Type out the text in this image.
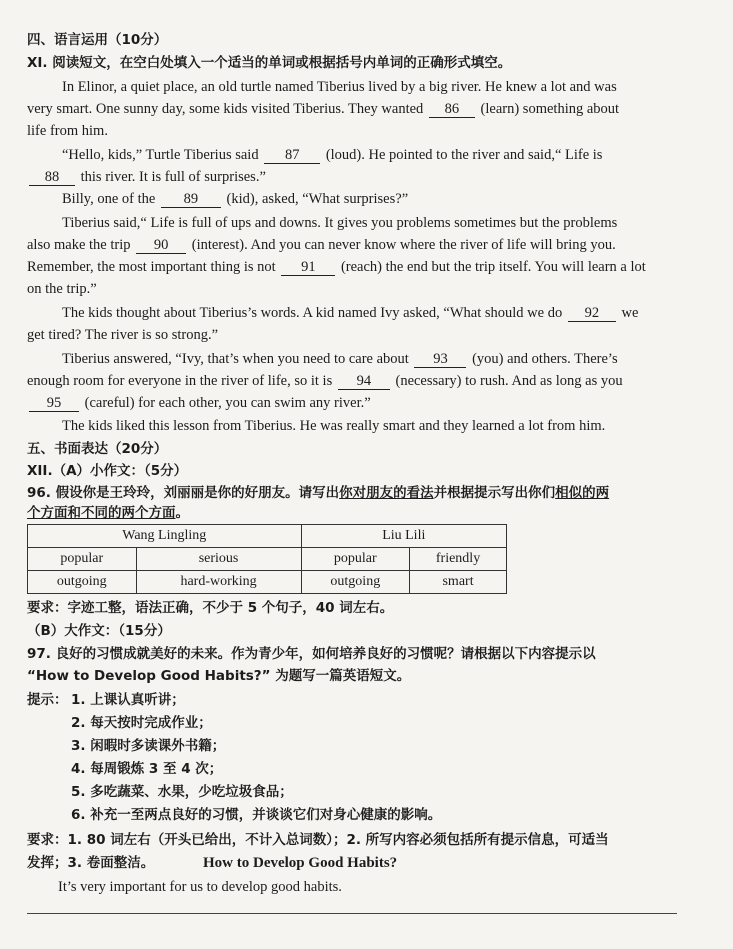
四、语言运用（10分）
XI. 阅读短文，在空白处填入一个适当的单词或根据括号内单词的正确形式填空。
In Elinor, a quiet place, an old turtle named Tiberius lived by a big river. He knew a lot and was
very smart. One sunny day, some kids visited Tiberius. They wanted 86 (learn) something about
life from him.
“Hello, kids,” Turtle Tiberius said 87 (loud). He pointed to the river and said,“ Life is
88 this river. It is full of surprises.”
Billy, one of the 89 (kid), asked, “What surprises?”
Tiberius said,“ Life is full of ups and downs. It gives you problems sometimes but the problems
also make the trip 90 (interest). And you can never know where the river of life will bring you.
Remember, the most important thing is not 91 (reach) the end but the trip itself. You will learn a lot
on the trip.”
The kids thought about Tiberius’s words. A kid named Ivy asked, “What should we do 92 we
get tired? The river is so strong.”
Tiberius answered, “Ivy, that’s when you need to care about 93 (you) and others. There’s
enough room for everyone in the river of life, so it is 94 (necessary) to rush. And as long as you
95 (careful) for each other, you can swim any river.”
The kids liked this lesson from Tiberius. He was really smart and they learned a lot from him.
五、书面表达（20分）
XII.（A）小作文：（5分）
96. 假设你是王玲玲，刘丽丽是你的好朋友。请写出你对朋友的看法并根据提示写出你们相似的两
个方面和不同的两个方面。
Wang Lingling		Liu Lili	
popular	serious	popular	friendly
outgoing	hard-working	outgoing	smart
要求：字迹工整，语法正确，不少于 5 个句子，40 词左右。
（B）大作文：（15分）
97. 良好的习惯成就美好的未来。作为青少年，如何培养良好的习惯呢？请根据以下内容提示以
“How to Develop Good Habits?” 为题写一篇英语短文。
提示： 1. 上课认真听讲；
2. 每天按时完成作业；
3. 闲暇时多读课外书籍；
4. 每周锻炼 3 至 4 次；
5. 多吃蔬菜、水果，少吃垃圾食品；
6. 补充一至两点良好的习惯，并谈谈它们对身心健康的影响。
要求：1. 80 词左右（开头已给出，不计入总词数）；2. 所写内容必须包括所有提示信息，可适当
发挥；3. 卷面整洁。	How to Develop Good Habits?
It’s very important for us to develop good habits.
